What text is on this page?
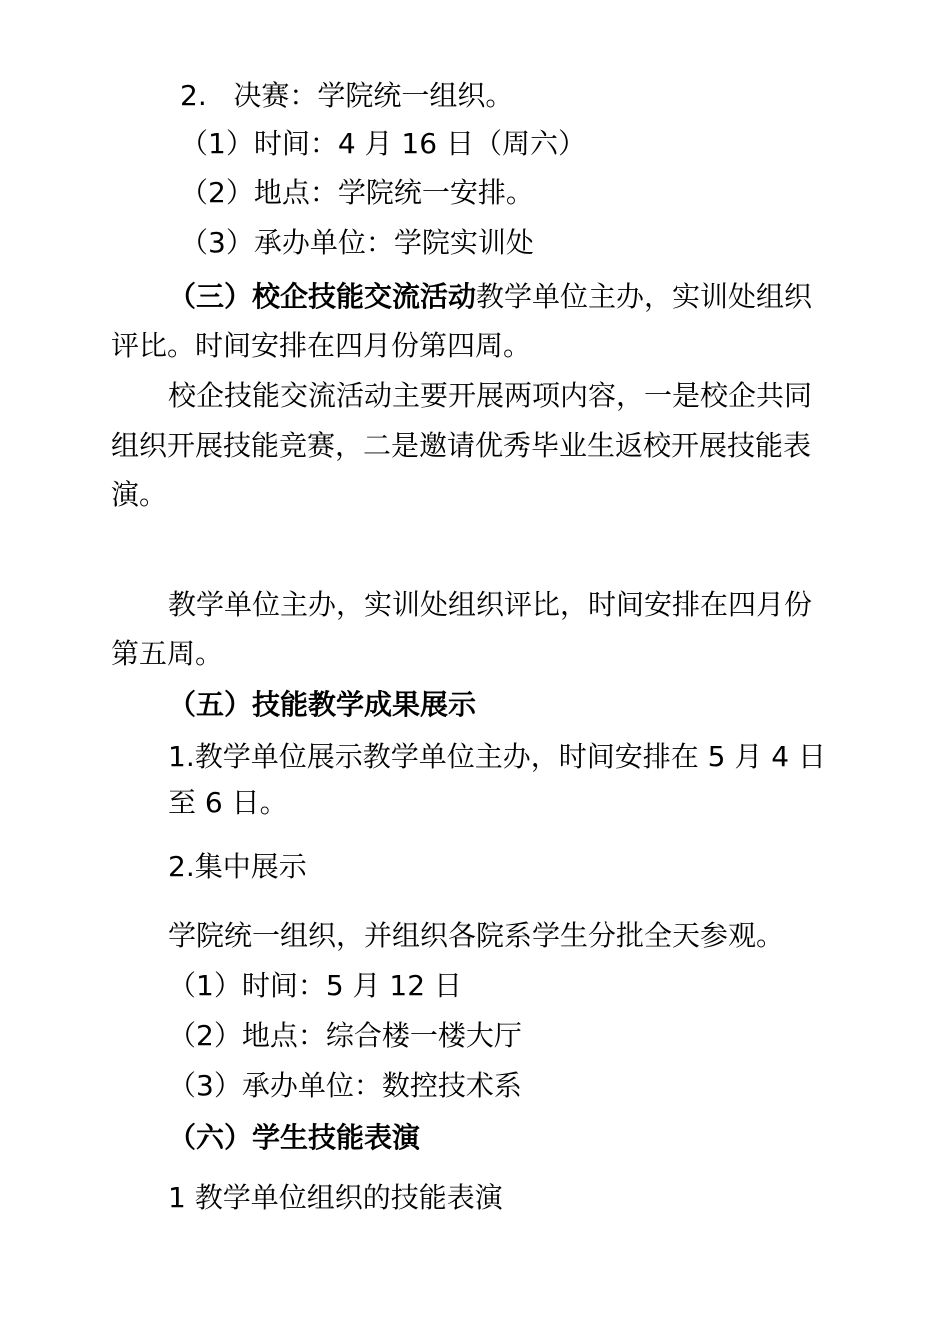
2.   决赛：学院统一组织。
（1）时间：4 月 16 日（周六）
（2）地点：学院统一安排。
（3）承办单位：学院实训处
（三）校企技能交流活动教学单位主办，实训处组织
评比。时间安排在四月份第四周。
校企技能交流活动主要开展两项内容，一是校企共同
组织开展技能竞赛，二是邀请优秀毕业生返校开展技能表
演。
教学单位主办，实训处组织评比，时间安排在四月份
第五周。
（五）技能教学成果展示
1.教学单位展示教学单位主办，时间安排在 5 月 4 日
至 6 日。
2.集中展示
学院统一组织，并组织各院系学生分批全天参观。
（1）时间：5 月 12 日
（2）地点：综合楼一楼大厅
（3）承办单位：数控技术系
（六）学生技能表演
1 教学单位组织的技能表演
